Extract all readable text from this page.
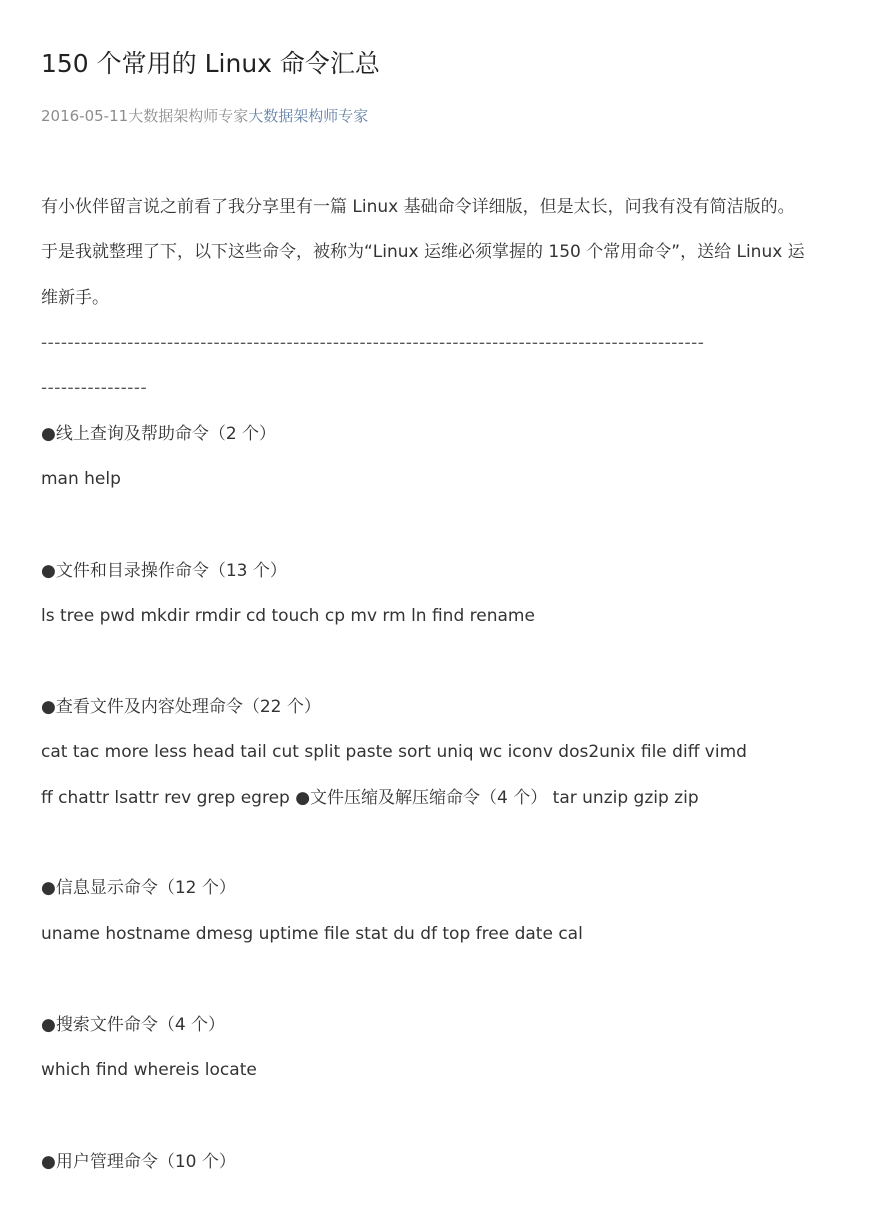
150 个常用的 Linux 命令汇总
2016-05-11大数据架构师专家大数据架构师专家
有小伙伴留言说之前看了我分享里有一篇 Linux 基础命令详细版，但是太长，问我有没有简洁版的。
于是我就整理了下，以下这些命令，被称为“Linux 运维必须掌握的 150 个常用命令”，送给 Linux 运
维新手。
----------------------------------------------------------------------------------------------------
----------------
●线上查询及帮助命令（2 个）
man help
●文件和目录操作命令（13 个）
ls tree pwd mkdir rmdir cd touch cp mv rm ln find rename
●查看文件及内容处理命令（22 个）
cat tac more less head tail cut split paste sort uniq wc iconv dos2unix file diff vimd
ff chattr lsattr rev grep egrep ●文件压缩及解压缩命令（4 个） tar unzip gzip zip
●信息显示命令（12 个）
uname hostname dmesg uptime file stat du df top free date cal
●搜索文件命令（4 个）
which find whereis locate
●用户管理命令（10 个）
